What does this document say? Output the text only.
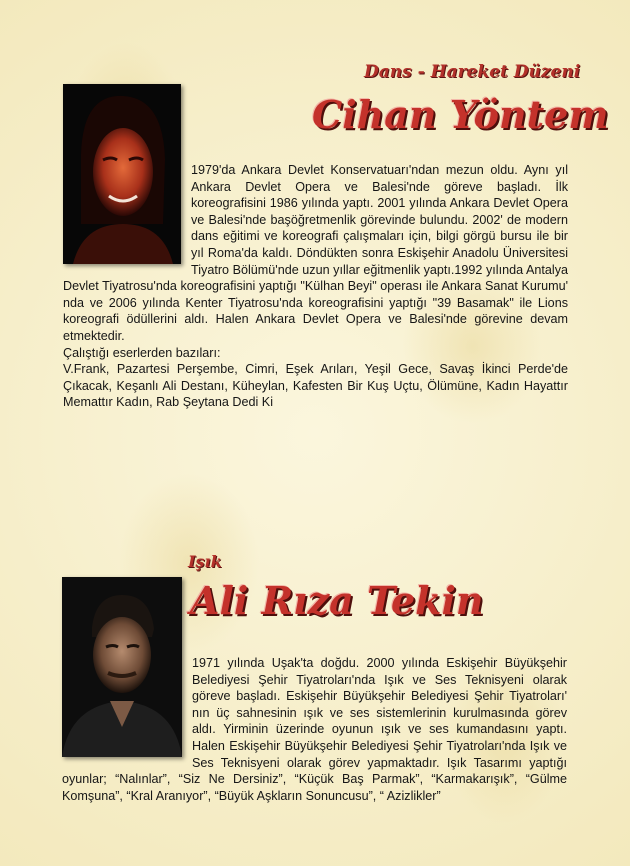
Dans - Hareket Düzeni
Cihan Yöntem

1979'da Ankara Devlet Konservatuarı'ndan mezun oldu. Aynı yıl Ankara Devlet Opera ve Balesi'nde göreve başladı. İlk koreografisini 1986 yılında yaptı. 2001 yılında Ankara Devlet Opera ve Balesi'nde başöğretmenlik görevinde bulundu. 2002' de modern dans eğitimi ve koreografi çalışmaları için, bilgi görgü bursu ile bir yıl Roma'da kaldı. Döndükten sonra Eskişehir Anadolu Üniversitesi Tiyatro Bölümü'nde uzun yıllar eğitmenlik yaptı.1992 yılında Antalya Devlet Tiyatrosu'nda koreografisini yaptığı "Külhan Beyi" operası ile Ankara Sanat Kurumu' nda ve 2006 yılında Kenter Tiyatrosu'nda koreografisini yaptığı "39 Basamak" ile Lions koreografi ödüllerini aldı. Halen Ankara Devlet Opera ve Balesi'nde görevine devam etmektedir.

Çalıştığı eserlerden bazıları:

V.Frank, Pazartesi Perşembe, Cimri, Eşek Arıları, Yeşil Gece, Savaş İkinci Perde'de Çıkacak, Keşanlı Ali Destanı, Küheylan, Kafesten Bir Kuş Uçtu, Ölümüne, Kadın Hayattır Memattır Kadın, Rab Şeytana Dedi Ki

Işık
Ali Rıza Tekin

1971 yılında Uşak'ta doğdu. 2000 yılında Eskişehir Büyükşehir Belediyesi Şehir Tiyatroları'nda Işık ve Ses Teknisyeni olarak göreve başladı. Eskişehir Büyükşehir Belediyesi Şehir Tiyatroları' nın üç sahnesinin ışık ve ses sistemlerinin kurulmasında görev aldı. Yirminin üzerinde oyunun ışık ve ses kumandasını yaptı. Halen Eskişehir Büyükşehir Belediyesi Şehir Tiyatroları'nda Işık ve Ses Teknisyeni olarak görev yapmaktadır. Işık Tasarımı yaptığı oyunlar; “Nalınlar”, “Siz Ne Dersiniz”, “Küçük Baş Parmak”, “Karmakarışık”, “Gülme Komşuna”, “Kral Aranıyor”, “Büyük Aşkların Sonuncusu”, “ Azizlikler”
